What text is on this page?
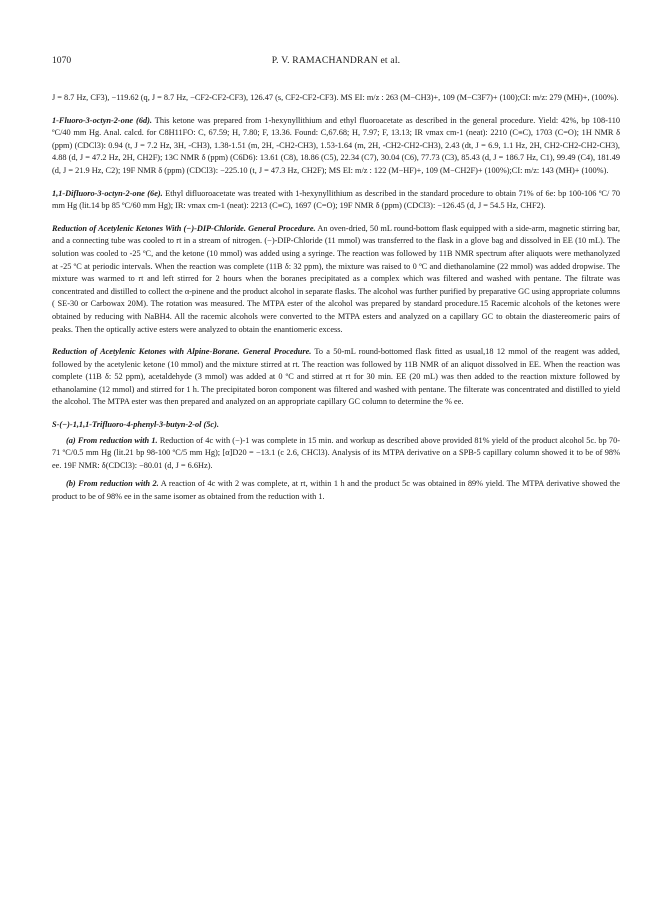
1070	P. V. RAMACHANDRAN et al.

J = 8.7 Hz, CF3), −119.62 (q, J = 8.7 Hz, −CF2-CF2-CF3), 126.47 (s, CF2-CF2-CF3). MS EI: m/z : 263 (M−CH3)+, 109 (M−C3F7)+ (100);CI: m/z: 279 (MH)+, (100%).

1-Fluoro-3-octyn-2-one (6d). This ketone was prepared from 1-hexynyllithium and ethyl fluoroacetate as described in the general procedure. Yield: 42%, bp 108-110 ºC/40 mm Hg. Anal. calcd. for C8H11FO: C, 67.59; H, 7.80; F, 13.36. Found: C,67.68; H, 7.97; F, 13.13; IR νmax cm-1 (neat): 2210 (C≡C), 1703 (C=O); 1H NMR δ (ppm) (CDCl3): 0.94 (t, J = 7.2 Hz, 3H, -CH3), 1.38-1.51 (m, 2H, -CH2-CH3), 1.53-1.64 (m, 2H, -CH2-CH2-CH3), 2.43 (dt, J = 6.9, 1.1 Hz, 2H, CH2-CH2-CH2-CH3), 4.88 (d, J = 47.2 Hz, 2H, CH2F); 13C NMR δ (ppm) (C6D6): 13.61 (C8), 18.86 (C5), 22.34 (C7), 30.04 (C6), 77.73 (C3), 85.43 (d, J = 186.7 Hz, C1), 99.49 (C4), 181.49 (d, J = 21.9 Hz, C2); 19F NMR δ (ppm) (CDCl3): −225.10 (t, J = 47.3 Hz, CH2F); MS EI: m/z : 122 (M−HF)+, 109 (M−CH2F)+ (100%);CI: m/z: 143 (MH)+ (100%).

1,1-Difluoro-3-octyn-2-one (6e). Ethyl difluoroacetate was treated with 1-hexynyllithium as described in the standard procedure to obtain 71% of 6e: bp 100-106 ºC/ 70 mm Hg (lit.14 bp 85 ºC/60 mm Hg); IR: νmax cm-1 (neat): 2213 (C≡C), 1697 (C=O); 19F NMR δ (ppm) (CDCl3): −126.45 (d, J = 54.5 Hz, CHF2).

Reduction of Acetylenic Ketones With (−)-DIP-Chloride. General Procedure. An oven-dried, 50 mL round-bottom flask equipped with a side-arm, magnetic stirring bar, and a connecting tube was cooled to rt in a stream of nitrogen. (−)-DIP-Chloride (11 mmol) was transferred to the flask in a glove bag and dissolved in EE (10 mL). The solution was cooled to -25 ºC, and the ketone (10 mmol) was added using a syringe. The reaction was followed by 11B NMR spectrum after aliquots were methanolyzed at -25 ºC at periodic intervals. When the reaction was complete (11B δ: 32 ppm), the mixture was raised to 0 ºC and diethanolamine (22 mmol) was added dropwise. The mixture was warmed to rt and left stirred for 2 hours when the boranes precipitated as a complex which was filtered and washed with pentane. The filtrate was concentrated and distilled to collect the α-pinene and the product alcohol in separate flasks. The alcohol was further purified by preparative GC using appropriate columns ( SE-30 or Carbowax 20M). The rotation was measured. The MTPA ester of the alcohol was prepared by standard procedure.15 Racemic alcohols of the ketones were obtained by reducing with NaBH4. All the racemic alcohols were converted to the MTPA esters and analyzed on a capillary GC to obtain the diastereomeric pairs of peaks. Then the optically active esters were analyzed to obtain the enantiomeric excess.

Reduction of Acetylenic Ketones with Alpine-Borane. General Procedure. To a 50-mL round-bottomed flask fitted as usual,18 12 mmol of the reagent was added, followed by the acetylenic ketone (10 mmol) and the mixture stirred at rt. The reaction was followed by 11B NMR of an aliquot dissolved in EE. When the reaction was complete (11B δ: 52 ppm), acetaldehyde (3 mmol) was added at 0 ºC and stirred at rt for 30 min. EE (20 mL) was then added to the reaction mixture followed by ethanolamine (12 mmol) and stirred for 1 h. The precipitated boron component was filtered and washed with pentane. The filterate was concentrated and distilled to yield the alcohol. The MTPA ester was then prepared and analyzed on an appropriate capillary GC column to determine the % ee.

S-(−)-1,1,1-Trifluoro-4-phenyl-3-butyn-2-ol (5c).

(a) From reduction with 1. Reduction of 4c with (−)-1 was complete in 15 min. and workup as described above provided 81% yield of the product alcohol 5c. bp 70-71 ºC/0.5 mm Hg (lit.21 bp 98-100 ºC/5 mm Hg); [α]D20 = −13.1 (c 2.6, CHCl3). Analysis of its MTPA derivative on a SPB-5 capillary column showed it to be of 98% ee. 19F NMR: δ(CDCl3): −80.01 (d, J = 6.6Hz).

(b) From reduction with 2. A reaction of 4c with 2 was complete, at rt, within 1 h and the product 5c was obtained in 89% yield. The MTPA derivative showed the product to be of 98% ee in the same isomer as obtained from the reduction with 1.
